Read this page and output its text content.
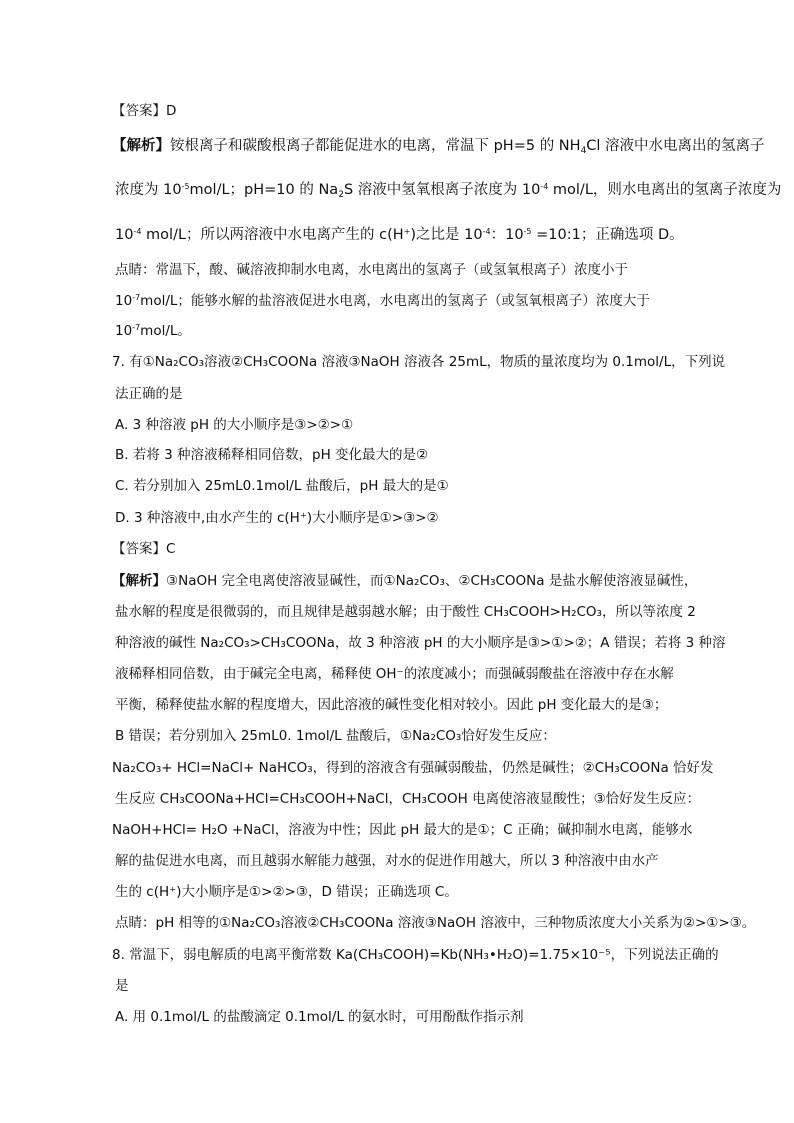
【答案】D
【解析】铵根离子和碳酸根离子都能促进水的电离，常温下 pH=5 的 $NH_4Cl$ 溶液中水电离出的氢离子
浓度为 $10^{-5}mol/L$；pH=10 的 $Na_2S$ 溶液中氢氧根离子浓度为 $10^{-4}$ mol/L，则水电离出的氢离子浓度为
$10^{-4}$ mol/L；所以两溶液中水电离产生的 c(H+)之比是 $10^{-4}$：$10^{-5}$ =10:1；正确选项 D。
点睛：常温下，酸、碱溶液抑制水电离，水电离出的氢离子（或氢氧根离子）浓度小于
$10^{-7}mol/L$；能够水解的盐溶液促进水电离，水电离出的氢离子（或氢氧根离子）浓度大于
$10^{-7}mol/L$。
7. 有①Na₂CO₃溶液②CH₃COONa 溶液③NaOH 溶液各 25mL，物质的量浓度均为 0.1mol/L，下列说
法正确的是
A. 3 种溶液 pH 的大小顺序是③>②>①
B. 若将 3 种溶液稀释相同倍数，pH 变化最大的是②
C. 若分别加入 25mL0.1mol/L 盐酸后，pH 最大的是①
D. 3 种溶液中,由水产生的 c(H⁺)大小顺序是①>③>②
【答案】C
【解析】③NaOH 完全电离使溶液显碱性，而①Na₂CO₃、②CH₃COONa 是盐水解使溶液显碱性，
盐水解的程度是很微弱的，而且规律是越弱越水解；由于酸性 CH₃COOH>H₂CO₃，所以等浓度 2
种溶液的碱性 Na₂CO₃>CH₃COONa，故 3 种溶液 pH 的大小顺序是③>①>②；A 错误；若将 3 种溶
液稀释相同倍数，由于碱完全电离，稀释使 OH⁻的浓度减小；而强碱弱酸盐在溶液中存在水解
平衡，稀释使盐水解的程度增大，因此溶液的碱性变化相对较小。因此 pH 变化最大的是③；
B 错误；若分别加入 25mL0. 1mol/L 盐酸后，①Na₂CO₃恰好发生反应：
Na₂CO₃+ HCl=NaCl+ NaHCO₃，得到的溶液含有强碱弱酸盐，仍然是碱性；②CH₃COONa 恰好发
生反应 CH₃COONa+HCl=CH₃COOH+NaCl，CH₃COOH 电离使溶液显酸性；③恰好发生反应：
NaOH+HCl= H₂O +NaCl，溶液为中性；因此 pH 最大的是①；C 正确；碱抑制水电离，能够水
解的盐促进水电离，而且越弱水解能力越强，对水的促进作用越大，所以 3 种溶液中由水产
生的 c(H⁺)大小顺序是①>②>③，D 错误；正确选项 C。
点睛：pH 相等的①Na₂CO₃溶液②CH₃COONa 溶液③NaOH 溶液中，三种物质浓度大小关系为②>①>③。
8. 常温下，弱电解质的电离平衡常数 Ka(CH₃COOH)=Kb(NH₃•H₂O)=1.75×10⁻⁵，下列说法正确的
是
A. 用 0.1mol/L 的盐酸滴定 0.1mol/L 的氨水时，可用酚酞作指示剂
